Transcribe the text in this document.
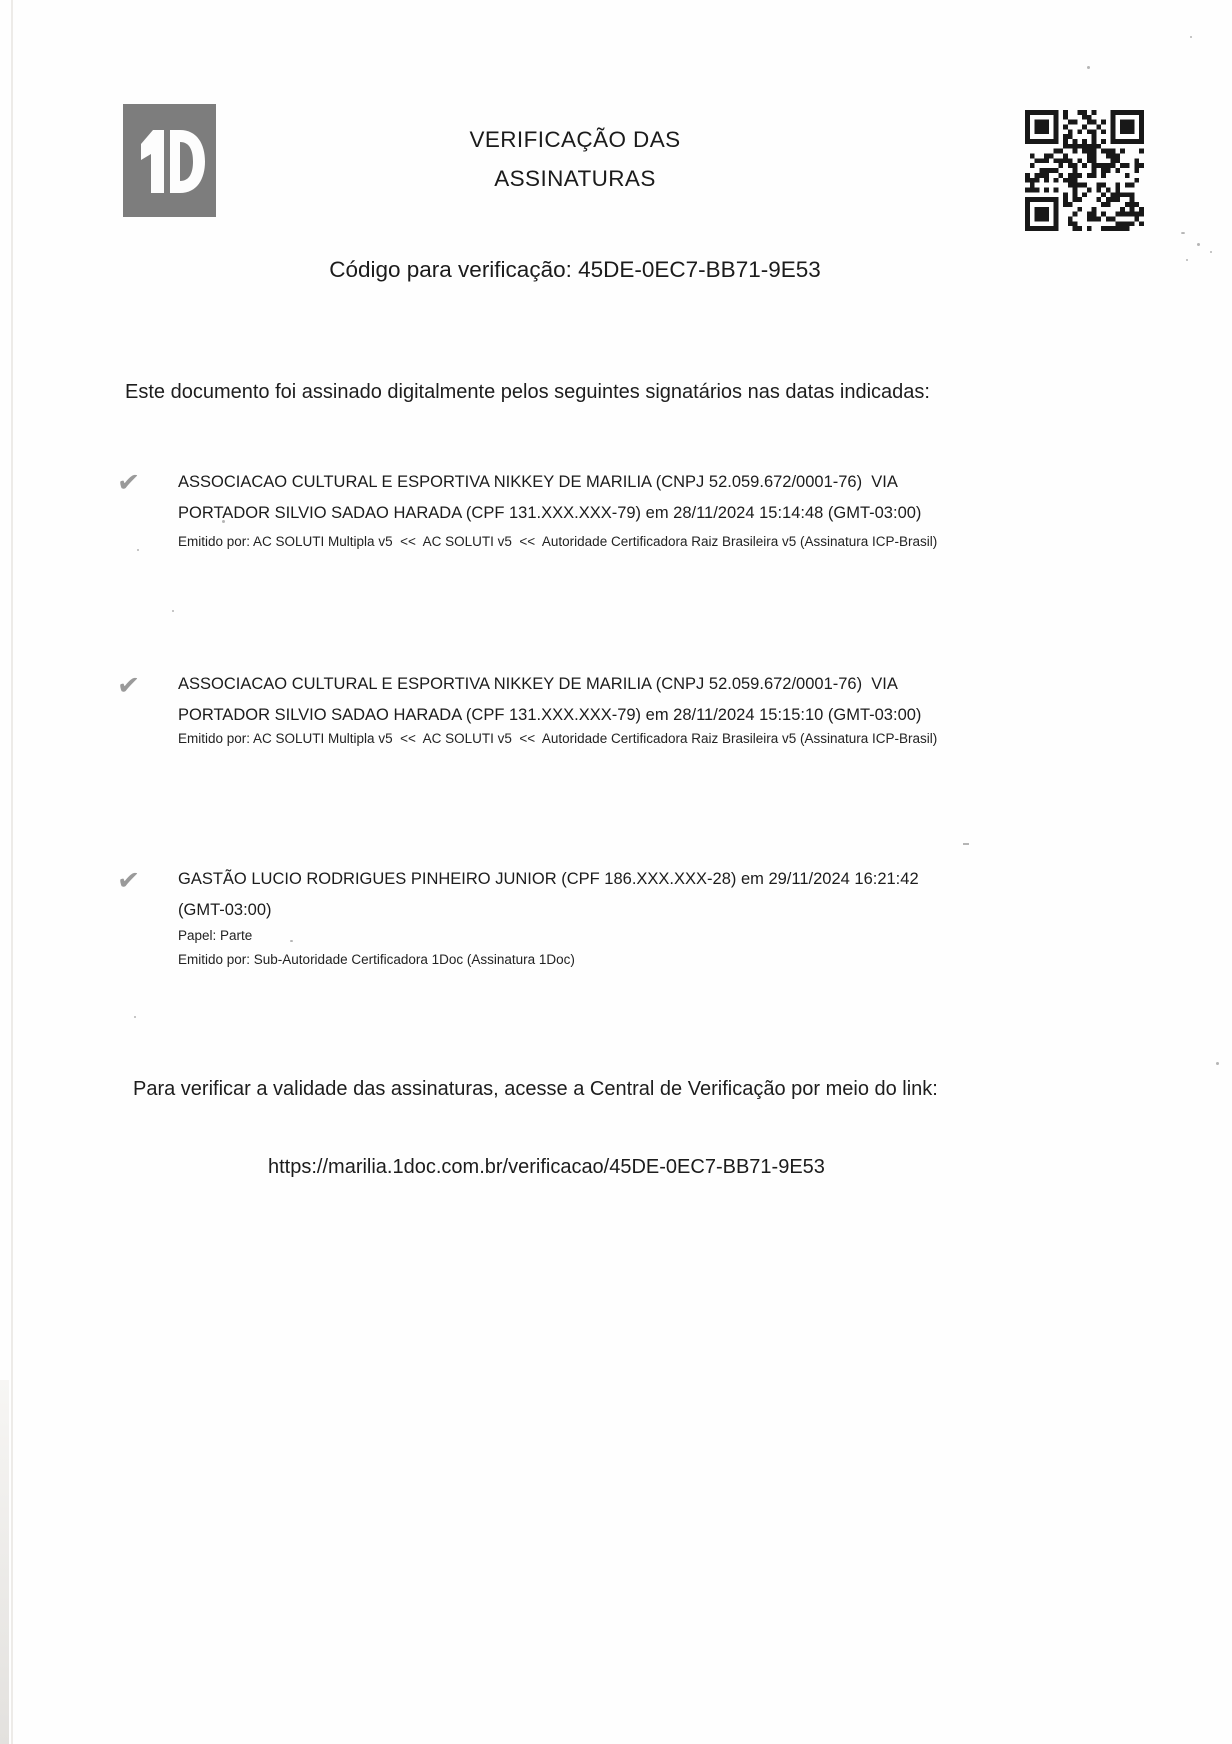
VERIFICAÇÃO DAS
ASSINATURAS
Código para verificação: 45DE-0EC7-BB71-9E53
Este documento foi assinado digitalmente pelos seguintes signatários nas datas indicadas:
✔	ASSOCIACAO CULTURAL E ESPORTIVA NIKKEY DE MARILIA (CNPJ 52.059.672/0001-76)  VIA
PORTADOR SILVIO SADAO HARADA (CPF 131.XXX.XXX-79) em 28/11/2024 15:14:48 (GMT-03:00)
Emitido por: AC SOLUTI Multipla v5  <<  AC SOLUTI v5  <<  Autoridade Certificadora Raiz Brasileira v5 (Assinatura ICP-Brasil)
✔	ASSOCIACAO CULTURAL E ESPORTIVA NIKKEY DE MARILIA (CNPJ 52.059.672/0001-76)  VIA
PORTADOR SILVIO SADAO HARADA (CPF 131.XXX.XXX-79) em 28/11/2024 15:15:10 (GMT-03:00)
Emitido por: AC SOLUTI Multipla v5  <<  AC SOLUTI v5  <<  Autoridade Certificadora Raiz Brasileira v5 (Assinatura ICP-Brasil)
✔	GASTÃO LUCIO RODRIGUES PINHEIRO JUNIOR (CPF 186.XXX.XXX-28) em 29/11/2024 16:21:42
(GMT-03:00)
Papel: Parte
Emitido por: Sub-Autoridade Certificadora 1Doc (Assinatura 1Doc)
Para verificar a validade das assinaturas, acesse a Central de Verificação por meio do link:
https://marilia.1doc.com.br/verificacao/45DE-0EC7-BB71-9E53
